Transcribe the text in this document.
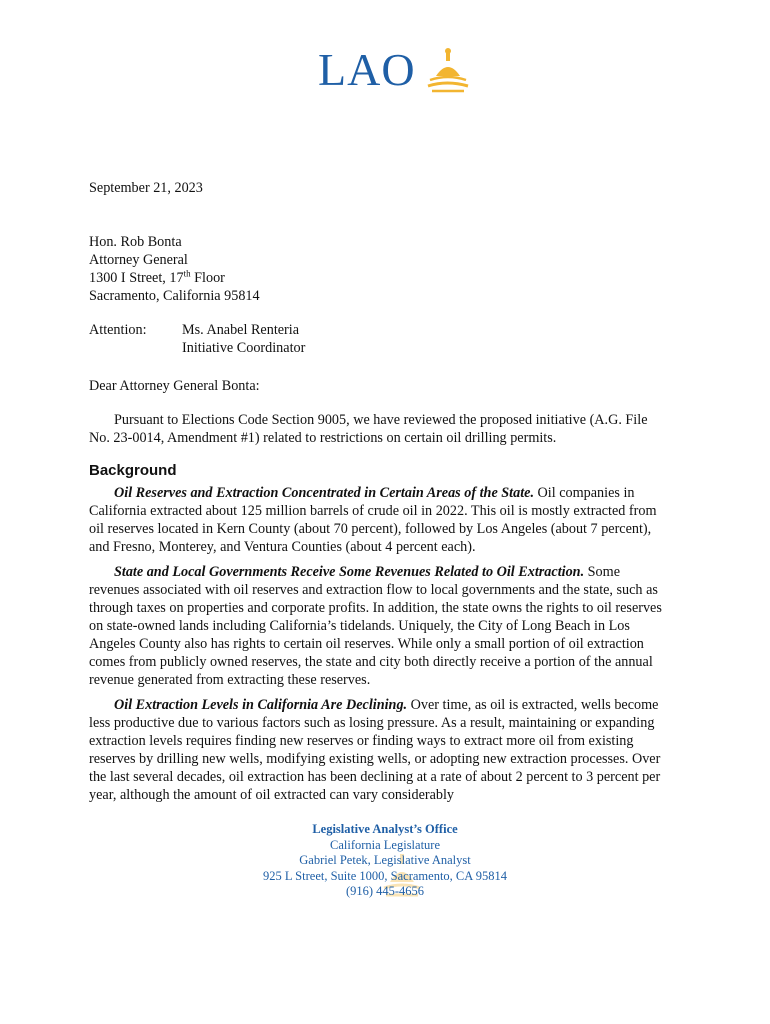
LAO

September 21, 2023

Hon. Rob Bonta
Attorney General
1300 I Street, 17th Floor
Sacramento, California 95814
Attention:	Ms. Anabel Renteria
Initiative Coordinator

Dear Attorney General Bonta:

Pursuant to Elections Code Section 9005, we have reviewed the proposed initiative (A.G. File No. 23-0014, Amendment #1) related to restrictions on certain oil drilling permits.

Background

Oil Reserves and Extraction Concentrated in Certain Areas of the State. Oil companies in California extracted about 125 million barrels of crude oil in 2022. This oil is mostly extracted from oil reserves located in Kern County (about 70 percent), followed by Los Angeles (about 7 percent), and Fresno, Monterey, and Ventura Counties (about 4 percent each).

State and Local Governments Receive Some Revenues Related to Oil Extraction. Some revenues associated with oil reserves and extraction flow to local governments and the state, such as through taxes on properties and corporate profits. In addition, the state owns the rights to oil reserves on state-owned lands including California’s tidelands. Uniquely, the City of Long Beach in Los Angeles County also has rights to certain oil reserves. While only a small portion of oil extraction comes from publicly owned reserves, the state and city both directly receive a portion of the annual revenue generated from extracting these reserves.

Oil Extraction Levels in California Are Declining. Over time, as oil is extracted, wells become less productive due to various factors such as losing pressure. As a result, maintaining or expanding extraction levels requires finding new reserves or finding ways to extract more oil from existing reserves by drilling new wells, modifying existing wells, or adopting new extraction processes. Over the last several decades, oil extraction has been declining at a rate of about 2 percent to 3 percent per year, although the amount of oil extracted can vary considerably

Legislative Analyst’s Office
California Legislature
Gabriel Petek, Legislative Analyst
925 L Street, Suite 1000, Sacramento, CA 95814
(916) 445-4656
